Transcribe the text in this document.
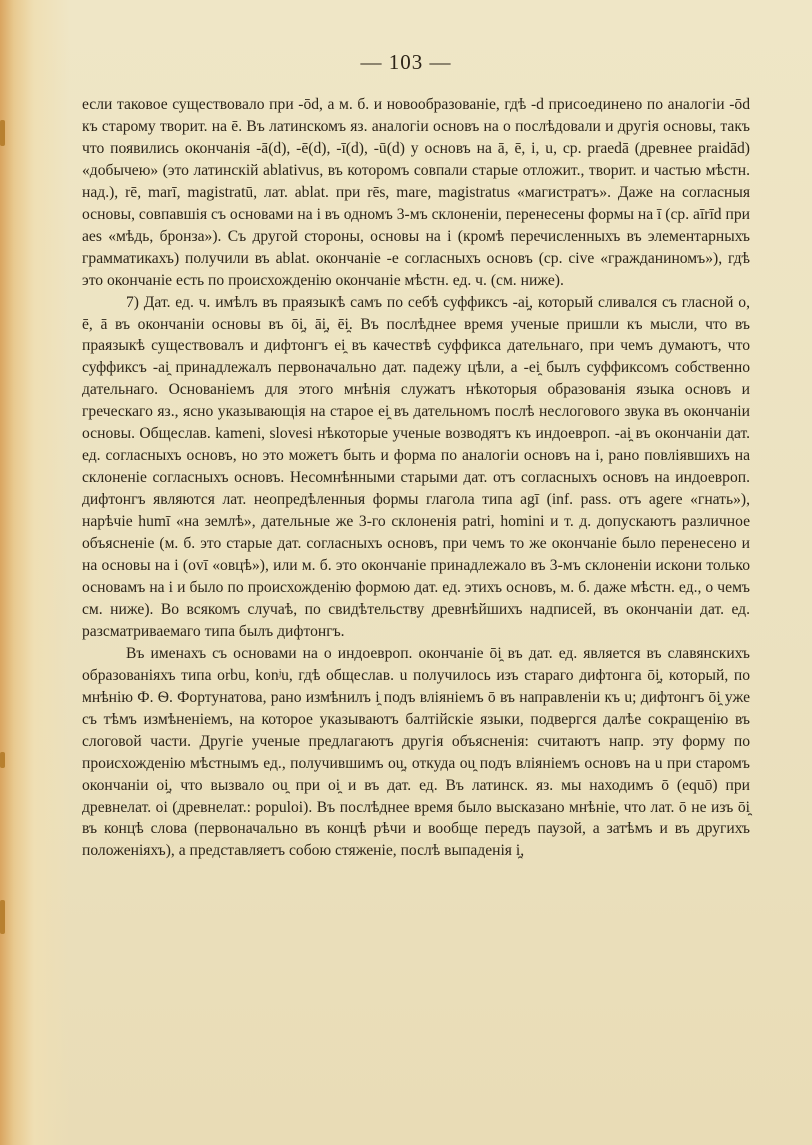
— 103 —

если таковое существовало при -ōd, а м. б. и новообразованіе, гдѣ -d присоединено по аналогіи -ōd къ старому творит. на ē. Въ латинскомъ яз. аналогіи основъ на о послѣдовали и другія основы, такъ что появились окончанія -ā(d), -ē(d), -ī(d), -ū(d) у основъ на ā, ē, i, u, ср. praedā (древнее praidād) «добычею» (это латинскій ablativus, въ которомъ совпали старые отложит., творит. и частью мѣстн. над.), rē, marī, magistratū, лат. ablat. при rēs, mare, magistratus «магистратъ». Даже на согласныя основы, совпавшія съ основами на i въ одномъ 3-мъ склоненіи, перенесены формы на ī (ср. aīrīd при aes «мѣдь, бронза»). Съ другой стороны, основы на i (кромѣ перечисленныхъ въ элементарныхъ грамматикахъ) получили въ ablat. окончаніе -e согласныхъ основъ (ср. cive «гражданиномъ»), гдѣ это окончаніе есть по происхожденію окончаніе мѣстн. ед. ч. (см. ниже).

7) Дат. ед. ч. имѣлъ въ праязыкѣ самъ по себѣ суффиксъ -ai̯, который сливался съ гласной o, ē, ā въ окончаніи основы въ ōi̯, āi̯, ēi̯. Въ послѣднее время ученые пришли къ мысли, что въ праязыкѣ существовалъ и дифтонгъ ei̯ въ качествѣ суффикса дательнаго, при чемъ думаютъ, что суффиксъ -ai̯ принадлежалъ первоначально дат. падежу цѣли, а -ei̯ былъ суффиксомъ собственно дательнаго. Основаніемъ для этого мнѣнія служатъ нѣкоторыя образованія языка основъ и греческаго яз., ясно указывающія на старое ei̯ въ дательномъ послѣ неслогового звука въ окончаніи основы. Общеслав. kameni, slovesi нѣкоторые ученые возводятъ къ индоевроп. -ai̯ въ окончаніи дат. ед. согласныхъ основъ, но это можетъ быть и форма по аналогіи основъ на i, рано повліявшихъ на склоненіе согласныхъ основъ. Несомнѣнными старыми дат. отъ согласныхъ основъ на индоевроп. дифтонгъ являются лат. неопредѣленныя формы глагола типа agī (inf. pass. отъ agere «гнать»), нарѣчіе humī «на землѣ», дательные же 3-го склоненія patri, homini и т. д. допускаютъ различное объясненіе (м. б. это старые дат. согласныхъ основъ, при чемъ то же окончаніе было перенесено и на основы на i (ovī «овцѣ»), или м. б. это окончаніе принадлежало въ 3-мъ склоненіи искони только основамъ на i и было по происхожденію формою дат. ед. этихъ основъ, м. б. даже мѣстн. ед., о чемъ см. ниже). Во всякомъ случаѣ, по свидѣтельству древнѣйшихъ надписей, въ окончаніи дат. ед. разсматриваемаго типа былъ дифтонгъ.

Въ именахъ съ основами на o индоевроп. окончаніе ōi̯ въ дат. ед. является въ славянскихъ образованіяхъ типа orbu, konʲu, гдѣ общеслав. u получилось изъ стараго дифтонга ōi̯, который, по мнѣнію Ф. Ѳ. Фортунатова, рано измѣнилъ i̯ подъ вліяніемъ ō въ направленіи къ u; дифтонгъ ōi̯ уже съ тѣмъ измѣненіемъ, на которое указываютъ балтійскіе языки, подвергся далѣе сокращенію въ слоговой части. Другіе ученые предлагаютъ другія объясненія: считаютъ напр. эту форму по происхожденію мѣстнымъ ед., получившимъ ou̯, откуда ou̯ подъ вліяніемъ основъ на u при старомъ окончаніи oi̯, что вызвало ou̯ при oi̯ и въ дат. ед. Въ латинск. яз. мы находимъ ō (equō) при древнелат. oi (древнелат.: populoi). Въ послѣднее время было высказано мнѣніе, что лат. ō не изъ ōi̯ въ концѣ слова (первоначально въ концѣ рѣчи и вообще передъ паузой, а затѣмъ и въ другихъ положеніяхъ), а представляетъ собою стяженіе, послѣ выпаденія i̯,
